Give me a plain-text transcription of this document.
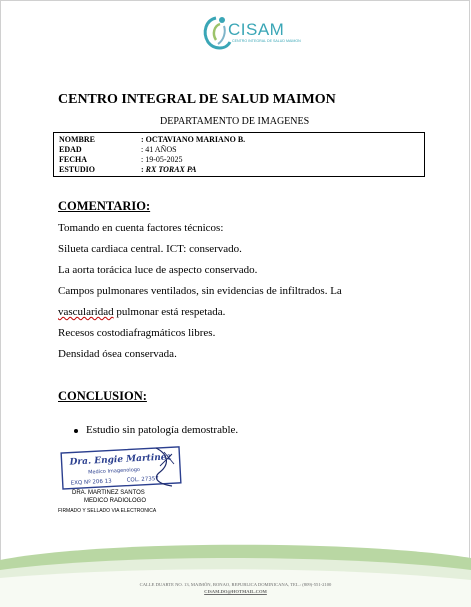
CISAM
CENTRO INTEGRAL DE SALUD MAIMON
CENTRO INTEGRAL DE SALUD MAIMON
DEPARTAMENTO DE IMAGENES
NOMBRE	: OCTAVIANO MARIANO B.
EDAD	: 41 AÑOS
FECHA	: 19-05-2025
ESTUDIO	: RX TORAX PA
COMENTARIO:
Tomando en cuenta factores técnicos:
Silueta cardiaca central. ICT: conservado.
La aorta torácica luce de aspecto conservado.
Campos pulmonares ventilados, sin evidencias de infiltrados. La
vascularidad pulmonar está respetada.
Recesos costodiafragmáticos libres.
Densidad ósea conservada.
CONCLUSION:
Estudio sin patología demostrable.
Dra. Engie Martinez
Medico Imagenologo
EXQ Nº 206 13	COL. 27357
DRA. MARTINEZ SANTOS
MEDICO RADIOLOGO
FIRMADO Y SELLADO VIA ELECTRONICA
CALLE DUARTE NO. 13, MAIMÓN, BONAO, REPUBLICA DOMINICANA, TEL.: (809)-551-2100
CISAM.DO@HOTMAIL.COM
